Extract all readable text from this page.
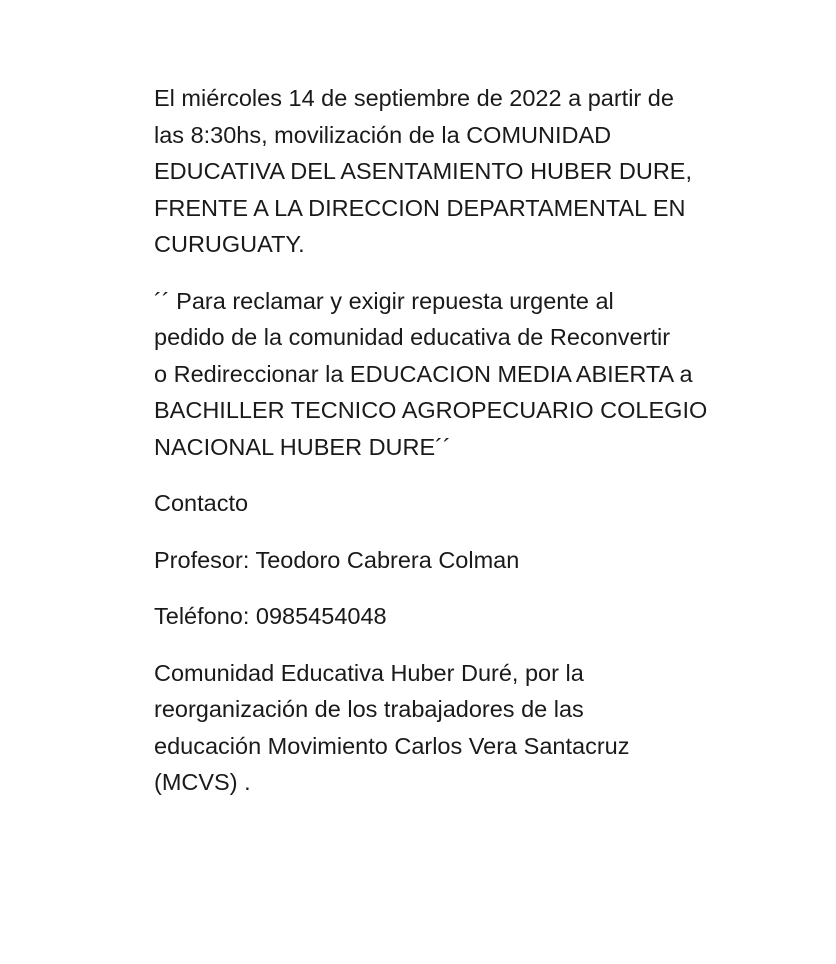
El miércoles 14 de septiembre de 2022 a partir de
las 8:30hs, movilización de la COMUNIDAD
EDUCATIVA DEL ASENTAMIENTO HUBER DURE,
FRENTE A LA DIRECCION DEPARTAMENTAL EN
CURUGUATY.

´´ Para reclamar y exigir repuesta urgente al
pedido de la comunidad educativa de Reconvertir
o Redireccionar la EDUCACION MEDIA ABIERTA a
BACHILLER TECNICO AGROPECUARIO COLEGIO
NACIONAL HUBER DURE´´

Contacto

Profesor: Teodoro Cabrera Colman

Teléfono: 0985454048

Comunidad Educativa Huber Duré, por la
reorganización de los trabajadores de las
educación Movimiento Carlos Vera Santacruz
(MCVS) .
